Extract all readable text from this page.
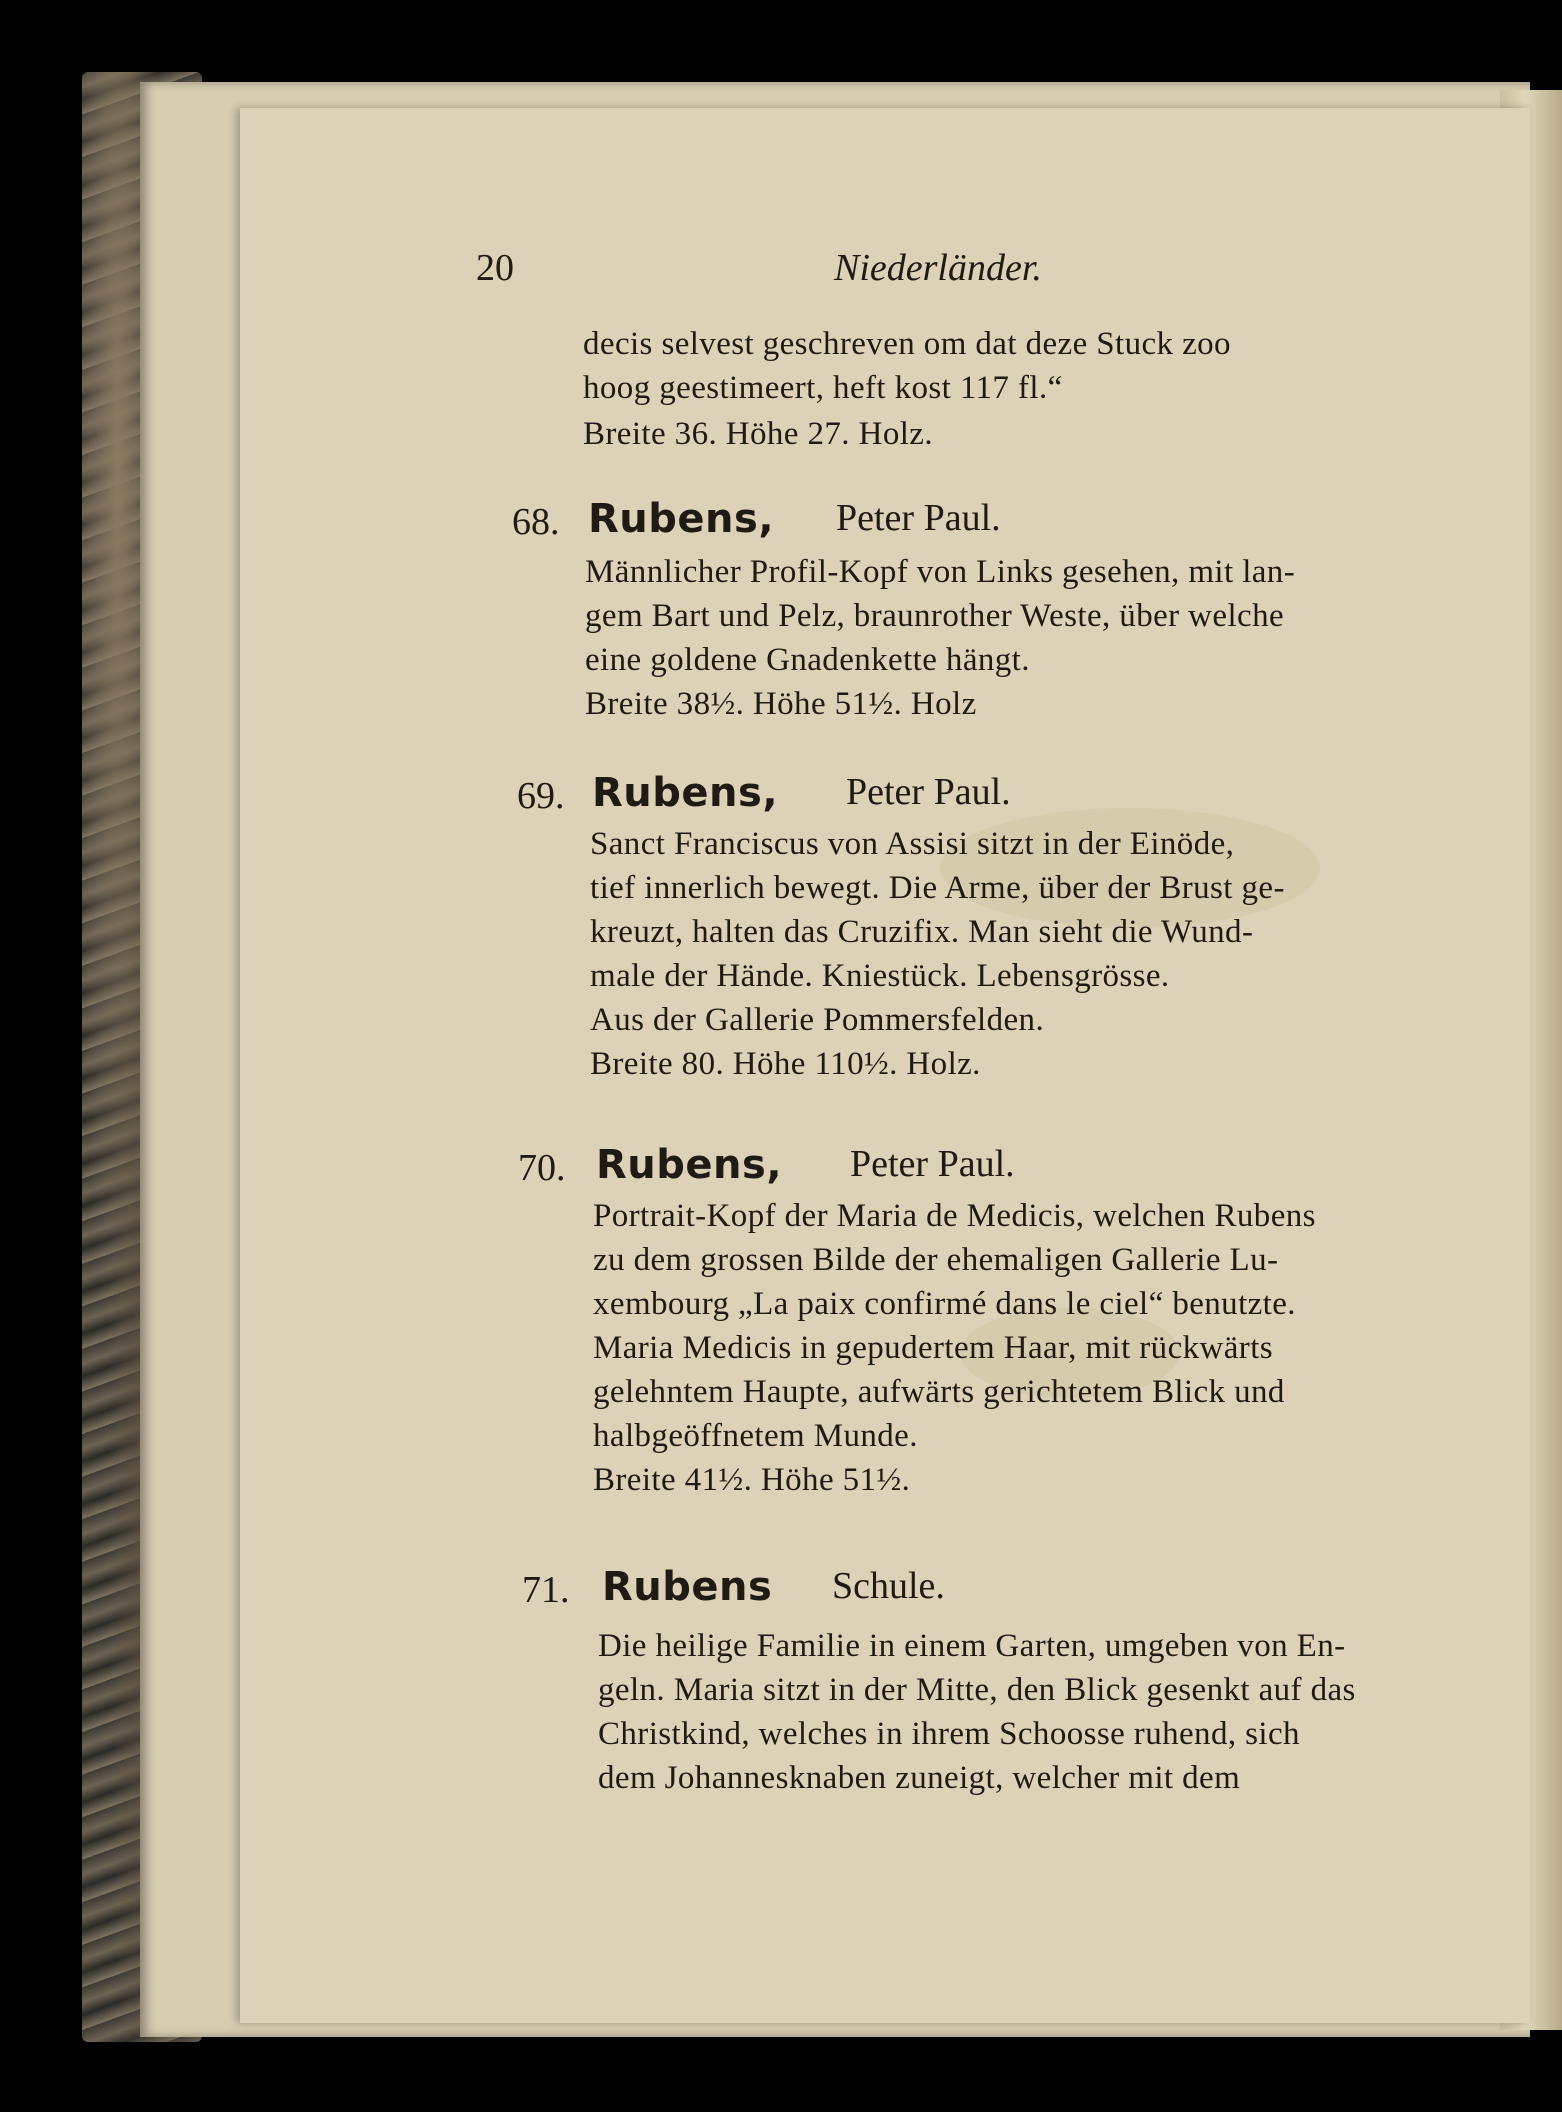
20	Niederländer.
decis selvest geschreven om dat deze Stuck zoo
hoog geestimeert, heft kost 117 fl.“
Breite 36. Höhe 27. Holz.
68. Rubens, Peter Paul.
Männlicher Profil-Kopf von Links gesehen, mit lan-
gem Bart und Pelz, braunrother Weste, über welche
eine goldene Gnadenkette hängt.
Breite 38½. Höhe 51½. Holz
69. Rubens, Peter Paul.
Sanct Franciscus von Assisi sitzt in der Einöde,
tief innerlich bewegt. Die Arme, über der Brust ge-
kreuzt, halten das Cruzifix. Man sieht die Wund-
male der Hände. Kniestück. Lebensgrösse.
Aus der Gallerie Pommersfelden.
Breite 80. Höhe 110½. Holz.
70. Rubens, Peter Paul.
Portrait-Kopf der Maria de Medicis, welchen Rubens
zu dem grossen Bilde der ehemaligen Gallerie Lu-
xembourg „La paix confirmé dans le ciel“ benutzte.
Maria Medicis in gepudertem Haar, mit rückwärts
gelehntem Haupte, aufwärts gerichtetem Blick und
halbgeöffnetem Munde.
Breite 41½. Höhe 51½.
71. Rubens Schule.
Die heilige Familie in einem Garten, umgeben von En-
geln. Maria sitzt in der Mitte, den Blick gesenkt auf das
Christkind, welches in ihrem Schoosse ruhend, sich
dem Johannesknaben zuneigt, welcher mit dem
